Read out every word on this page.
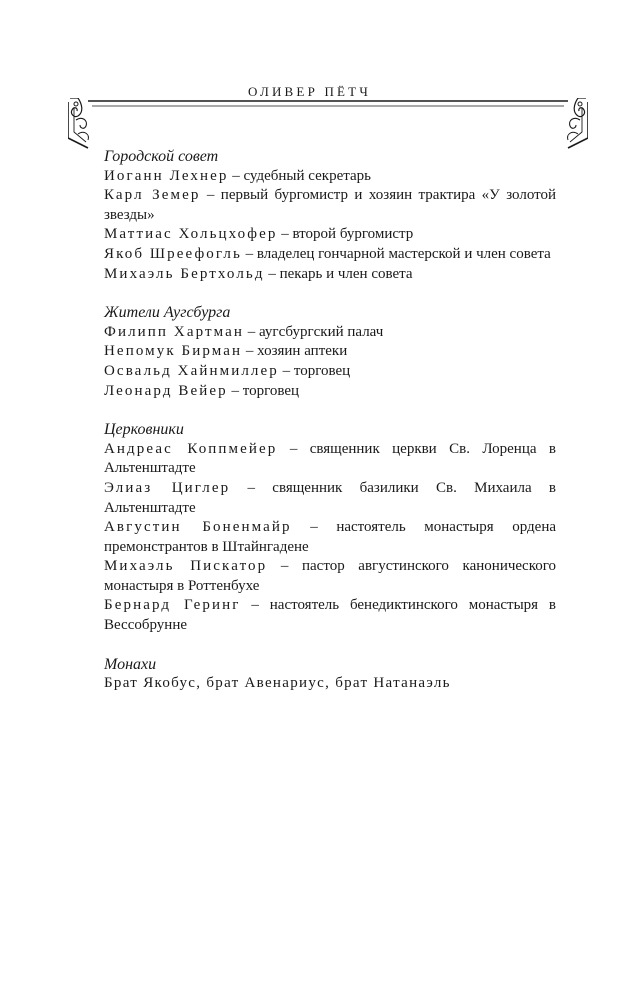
ОЛИВЕР ПЁТЧ
Городской совет
Иоганн Лехнер – судебный секретарь
Карл Земер – первый бургомистр и хозяин трактира «У золотой звезды»
Маттиас Хольцхофер – второй бургомистр
Якоб Шреефогль – владелец гончарной мастерской и член совета
Михаэль Бертхольд – пекарь и член совета
Жители Аугсбурга
Филипп Хартман – аугсбургский палач
Непомук Бирман – хозяин аптеки
Освальд Хайнмиллер – торговец
Леонард Вейер – торговец
Церковники
Андреас Коппмейер – священник церкви Св. Лоренца в Альтенштадте
Элиаз Циглер – священник базилики Св. Михаила в Альтенштадте
Августин Боненмайр – настоятель монастыря ордена премонстрантов в Штайнгадене
Михаэль Пискатор – пастор августинского каноничеcкого монастыря в Роттенбухе
Бернард Геринг – настоятель бенедиктинского монастыря в Вессобрунне
Монахи
Брат Якобус, брат Авенариус, брат Натанаэль
